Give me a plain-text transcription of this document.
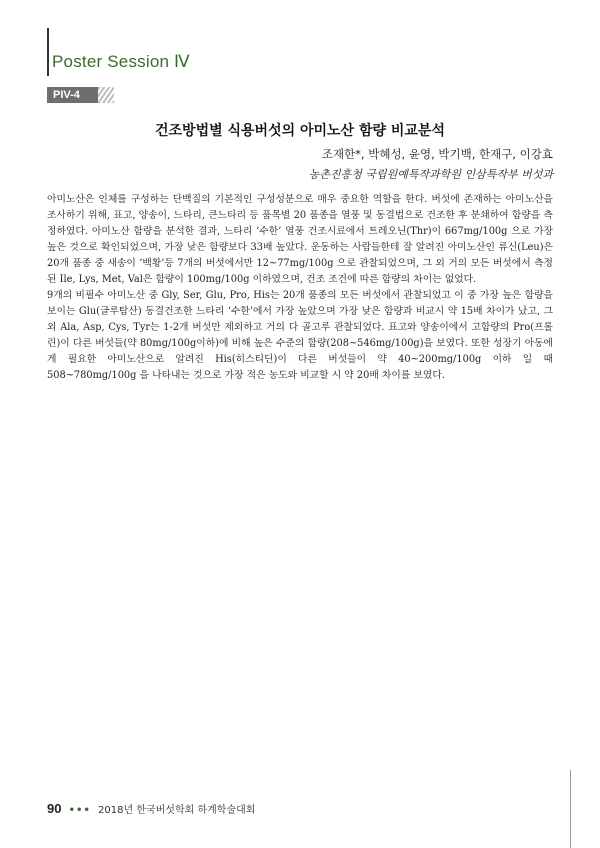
Poster Session Ⅳ
PIV-4
건조방법별 식용버섯의 아미노산 함량 비교분석
조재한*, 박혜성, 윤영, 박기백, 한재구, 이강효
농촌진흥청 국립원예특작과학원 인삼특작부 버섯과

아미노산은 인체를 구성하는 단백질의 기본적인 구성성분으로 매우 중요한 역할을 한다. 버섯에 존재하는 아미노산을 조사하기 위해, 표고, 양송이, 느타리, 큰느타리 등 품목별 20 품종을 열풍 및 동결법으로 건조한 후 분쇄하여 함량을 측정하였다. 아미노산 함량을 분석한 결과, 느타리 ‘수한’ 열풍 건조시료에서 트레오닌(Thr)이 667mg/100g 으로 가장 높은 것으로 확인되었으며, 가장 낮은 함량보다 33배 높았다. 운동하는 사람들한테 잘 알려진 아미노산인 류신(Leu)은 20개 품종 중 새송이 ‘백황’등 7개의 버섯에서만 12~77mg/100g 으로 관찰되었으며, 그 외 거의 모든 버섯에서 측정된 Ile, Lys, Met, Val은 함량이 100mg/100g 이하였으며, 건조 조건에 따른 함량의 차이는 없었다.

9개의 비필수 아미노산 중 Gly, Ser, Glu, Pro, His는 20개 품종의 모든 버섯에서 관찰되었고 이 중 가장 높은 함량을 보이는 Glu(글루탐산) 동결건조한 느타리 ‘수한’에서 가장 높았으며 가장 낮은 함량과 비교시 약 15배 차이가 났고, 그 외 Ala, Asp, Cys, Tyr는 1-2개 버섯만 제외하고 거의 다 골고루 관찰되었다. 표고와 양송이에서 고함량의 Pro(프롤린)이 다른 버섯들(약 80mg/100g이하)에 비해 높은 수준의 함량(208~546mg/100g)을 보였다. 또한 성장기 아동에게 필요한 아미노산으로 알려진 His(히스티딘)이 다른 버섯들이 약 40~200mg/100g 이하 일 때 508~780mg/100g 을 나타내는 것으로 가장 적은 농도와 비교할 시 약 20배 차이를 보였다.

90 ••• 2018년 한국버섯학회 하계학술대회
